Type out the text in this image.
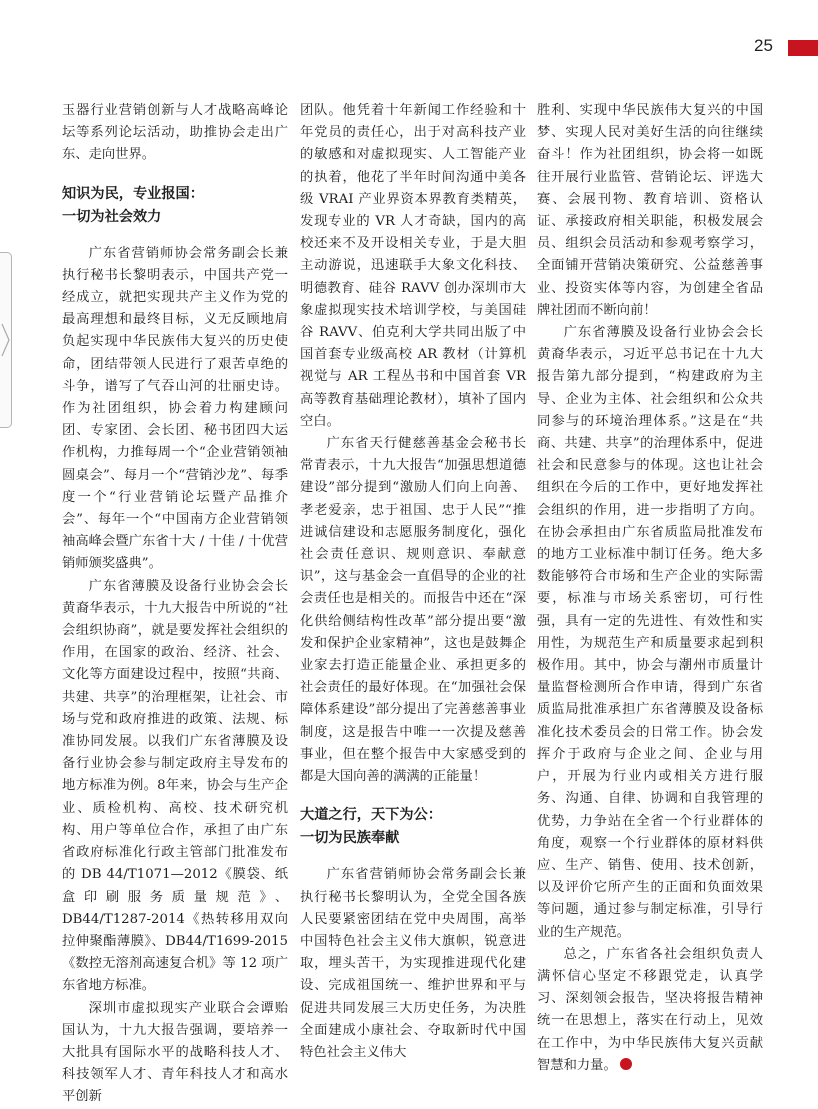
25

玉器行业营销创新与人才战略高峰论坛等系列论坛活动，助推协会走出广东、走向世界。

知识为民，专业报国：
一切为社会效力

广东省营销师协会常务副会长兼执行秘书长黎明表示，中国共产党一经成立，就把实现共产主义作为党的最高理想和最终目标，义无反顾地肩负起实现中华民族伟大复兴的历史使命，团结带领人民进行了艰苦卓绝的斗争，谱写了气吞山河的壮丽史诗。作为社团组织，协会着力构建顾问团、专家团、会长团、秘书团四大运作机构，力推每周一个“企业营销领袖圆桌会”、每月一个“营销沙龙”、每季度一个“行业营销论坛暨产品推介会”、每年一个“中国南方企业营销领袖高峰会暨广东省十大 / 十佳 / 十优营销师颁奖盛典”。

广东省薄膜及设备行业协会会长黄裔华表示，十九大报告中所说的“社会组织协商”，就是要发挥社会组织的作用，在国家的政治、经济、社会、文化等方面建设过程中，按照“共商、共建、共享”的治理框架，让社会、市场与党和政府推进的政策、法规、标准协同发展。以我们广东省薄膜及设备行业协会参与制定政府主导发布的地方标准为例。8年来，协会与生产企业、质检机构、高校、技术研究机构、用户等单位合作，承担了由广东省政府标准化行政主管部门批准发布的 DB 44/T1071—2012《膜袋、纸盒印刷服务质量规范》、DB44/T1287-2014《热转移用双向拉伸聚酯薄膜》、DB44/T1699-2015《数控无溶剂高速复合机》等 12 项广东省地方标准。

深圳市虚拟现实产业联合会谭贻国认为，十九大报告强调，要培养一大批具有国际水平的战略科技人才、科技领军人才、青年科技人才和高水平创新

团队。他凭着十年新闻工作经验和十年党员的责任心，出于对高科技产业的敏感和对虚拟现实、人工智能产业的执着，他花了半年时间沟通中美各级 VRAI 产业界资本界教育类精英，发现专业的 VR 人才奇缺，国内的高校还来不及开设相关专业，于是大胆主动游说，迅速联手大象文化科技、明德教育、硅谷 RAVV 创办深圳市大象虚拟现实技术培训学校，与美国硅谷 RAVV、伯克利大学共同出版了中国首套专业级高校 AR 教材（计算机视觉与 AR 工程丛书和中国首套 VR 高等教育基础理论教材），填补了国内空白。

广东省天行健慈善基金会秘书长常青表示，十九大报告“加强思想道德建设”部分提到“激励人们向上向善、孝老爱亲，忠于祖国、忠于人民”“推进诚信建设和志愿服务制度化，强化社会责任意识、规则意识、奉献意识”，这与基金会一直倡导的企业的社会责任也是相关的。而报告中还在“深化供给侧结构性改革”部分提出要“激发和保护企业家精神”，这也是鼓舞企业家去打造正能量企业、承担更多的社会责任的最好体现。在“加强社会保障体系建设”部分提出了完善慈善事业制度，这是报告中唯一一次提及慈善事业，但在整个报告中大家感受到的都是大国向善的满满的正能量！

大道之行，天下为公：
一切为民族奉献

广东省营销师协会常务副会长兼执行秘书长黎明认为，全党全国各族人民要紧密团结在党中央周围，高举中国特色社会主义伟大旗帜，锐意进取，埋头苦干，为实现推进现代化建设、完成祖国统一、维护世界和平与促进共同发展三大历史任务，为决胜全面建成小康社会、夺取新时代中国特色社会主义伟大

胜利、实现中华民族伟大复兴的中国梦、实现人民对美好生活的向往继续奋斗！作为社团组织，协会将一如既往开展行业监管、营销论坛、评选大赛、会展刊物、教育培训、资格认证、承接政府相关职能，积极发展会员、组织会员活动和参观考察学习，全面铺开营销决策研究、公益慈善事业、投资实体等内容，为创建全省品牌社团而不断向前！

广东省薄膜及设备行业协会会长黄裔华表示，习近平总书记在十九大报告第九部分提到，“构建政府为主导、企业为主体、社会组织和公众共同参与的环境治理体系。”这是在“共商、共建、共享”的治理体系中，促进社会和民意参与的体现。这也让社会组织在今后的工作中，更好地发挥社会组织的作用，进一步指明了方向。在协会承担由广东省质监局批准发布的地方工业标准中制订任务。绝大多数能够符合市场和生产企业的实际需要，标准与市场关系密切，可行性强，具有一定的先进性、有效性和实用性，为规范生产和质量要求起到积极作用。其中，协会与潮州市质量计量监督检测所合作申请，得到广东省质监局批准承担广东省薄膜及设备标准化技术委员会的日常工作。协会发挥介于政府与企业之间、企业与用户，开展为行业内或相关方进行服务、沟通、自律、协调和自我管理的优势，力争站在全省一个行业群体的角度，观察一个行业群体的原材料供应、生产、销售、使用、技术创新，以及评价它所产生的正面和负面效果等问题，通过参与制定标准，引导行业的生产规范。

总之，广东省各社会组织负责人满怀信心坚定不移跟党走，认真学习、深刻领会报告，坚决将报告精神统一在思想上，落实在行动上，见效在工作中，为中华民族伟大复兴贡献智慧和力量。
